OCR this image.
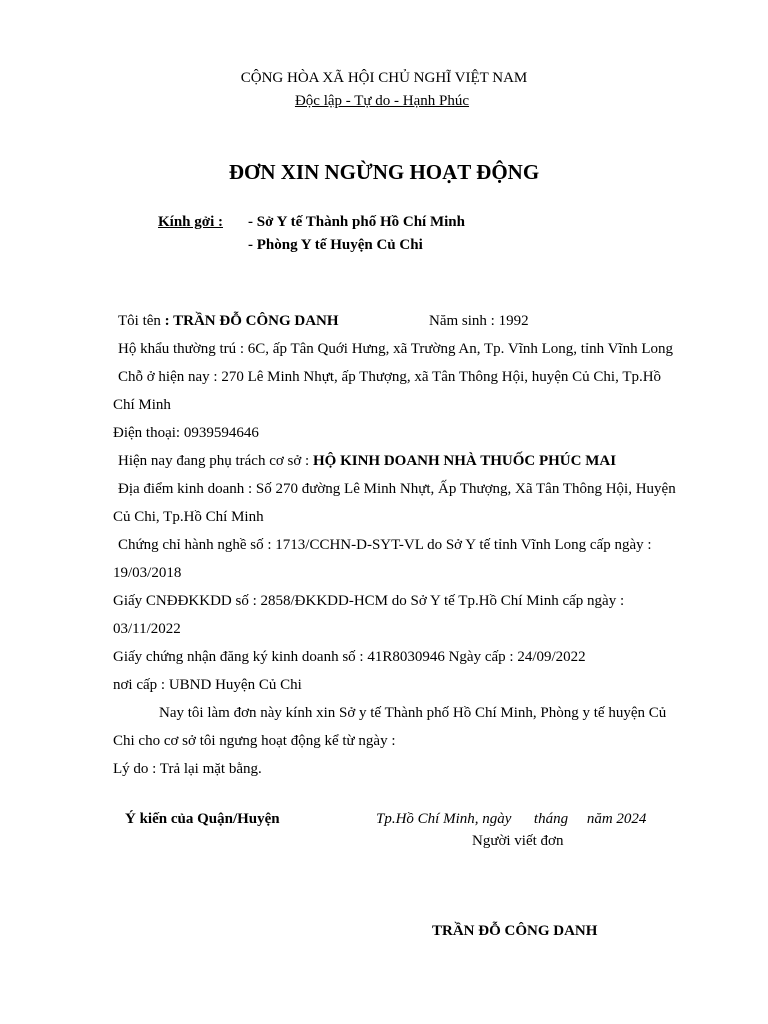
CỘNG HÒA XÃ HỘI CHỦ NGHĨ VIỆT NAM
Độc lập - Tự do - Hạnh Phúc
ĐƠN XIN NGỪNG HOẠT ĐỘNG
Kính gởi : - Sở Y tế Thành phố Hồ Chí Minh
- Phòng Y tế Huyện Củ Chi
Tôi tên : TRẦN ĐỖ CÔNG DANH	Năm sinh : 1992
Hộ khẩu thường trú : 6C, ấp Tân Quới Hưng, xã Trường An, Tp. Vĩnh Long, tỉnh Vĩnh Long
Chỗ ở hiện nay : 270 Lê Minh Nhựt, ấp Thượng, xã Tân Thông Hội, huyện Củ Chi, Tp.Hồ
Chí Minh
Điện thoại: 0939594646
Hiện nay đang phụ trách cơ sở : HỘ KINH DOANH NHÀ THUỐC PHÚC MAI
Địa điểm kinh doanh : Số 270 đường Lê Minh Nhựt, Ấp Thượng, Xã Tân Thông Hội, Huyện
Củ Chi, Tp.Hồ Chí Minh
Chứng chỉ hành nghề số : 1713/CCHN-D-SYT-VL do Sở Y tế tỉnh Vĩnh Long cấp ngày :
19/03/2018
Giấy CNĐĐKKDD số : 2858/ĐKKDD-HCM do Sở Y tế Tp.Hồ Chí Minh cấp ngày :
03/11/2022
Giấy chứng nhận đăng ký kinh doanh số : 41R8030946 Ngày cấp : 24/09/2022
nơi cấp : UBND Huyện Củ Chi
Nay tôi làm đơn này kính xin Sở y tế Thành phố Hồ Chí Minh, Phòng y tế huyện Củ
Chi cho cơ sở tôi ngưng hoạt động kể từ ngày :
Lý do : Trả lại mặt bằng.
Ý kiến của Quận/Huyện	Tp.Hồ Chí Minh, ngày      tháng     năm 2024
Người viết đơn
TRẦN ĐỖ CÔNG DANH
